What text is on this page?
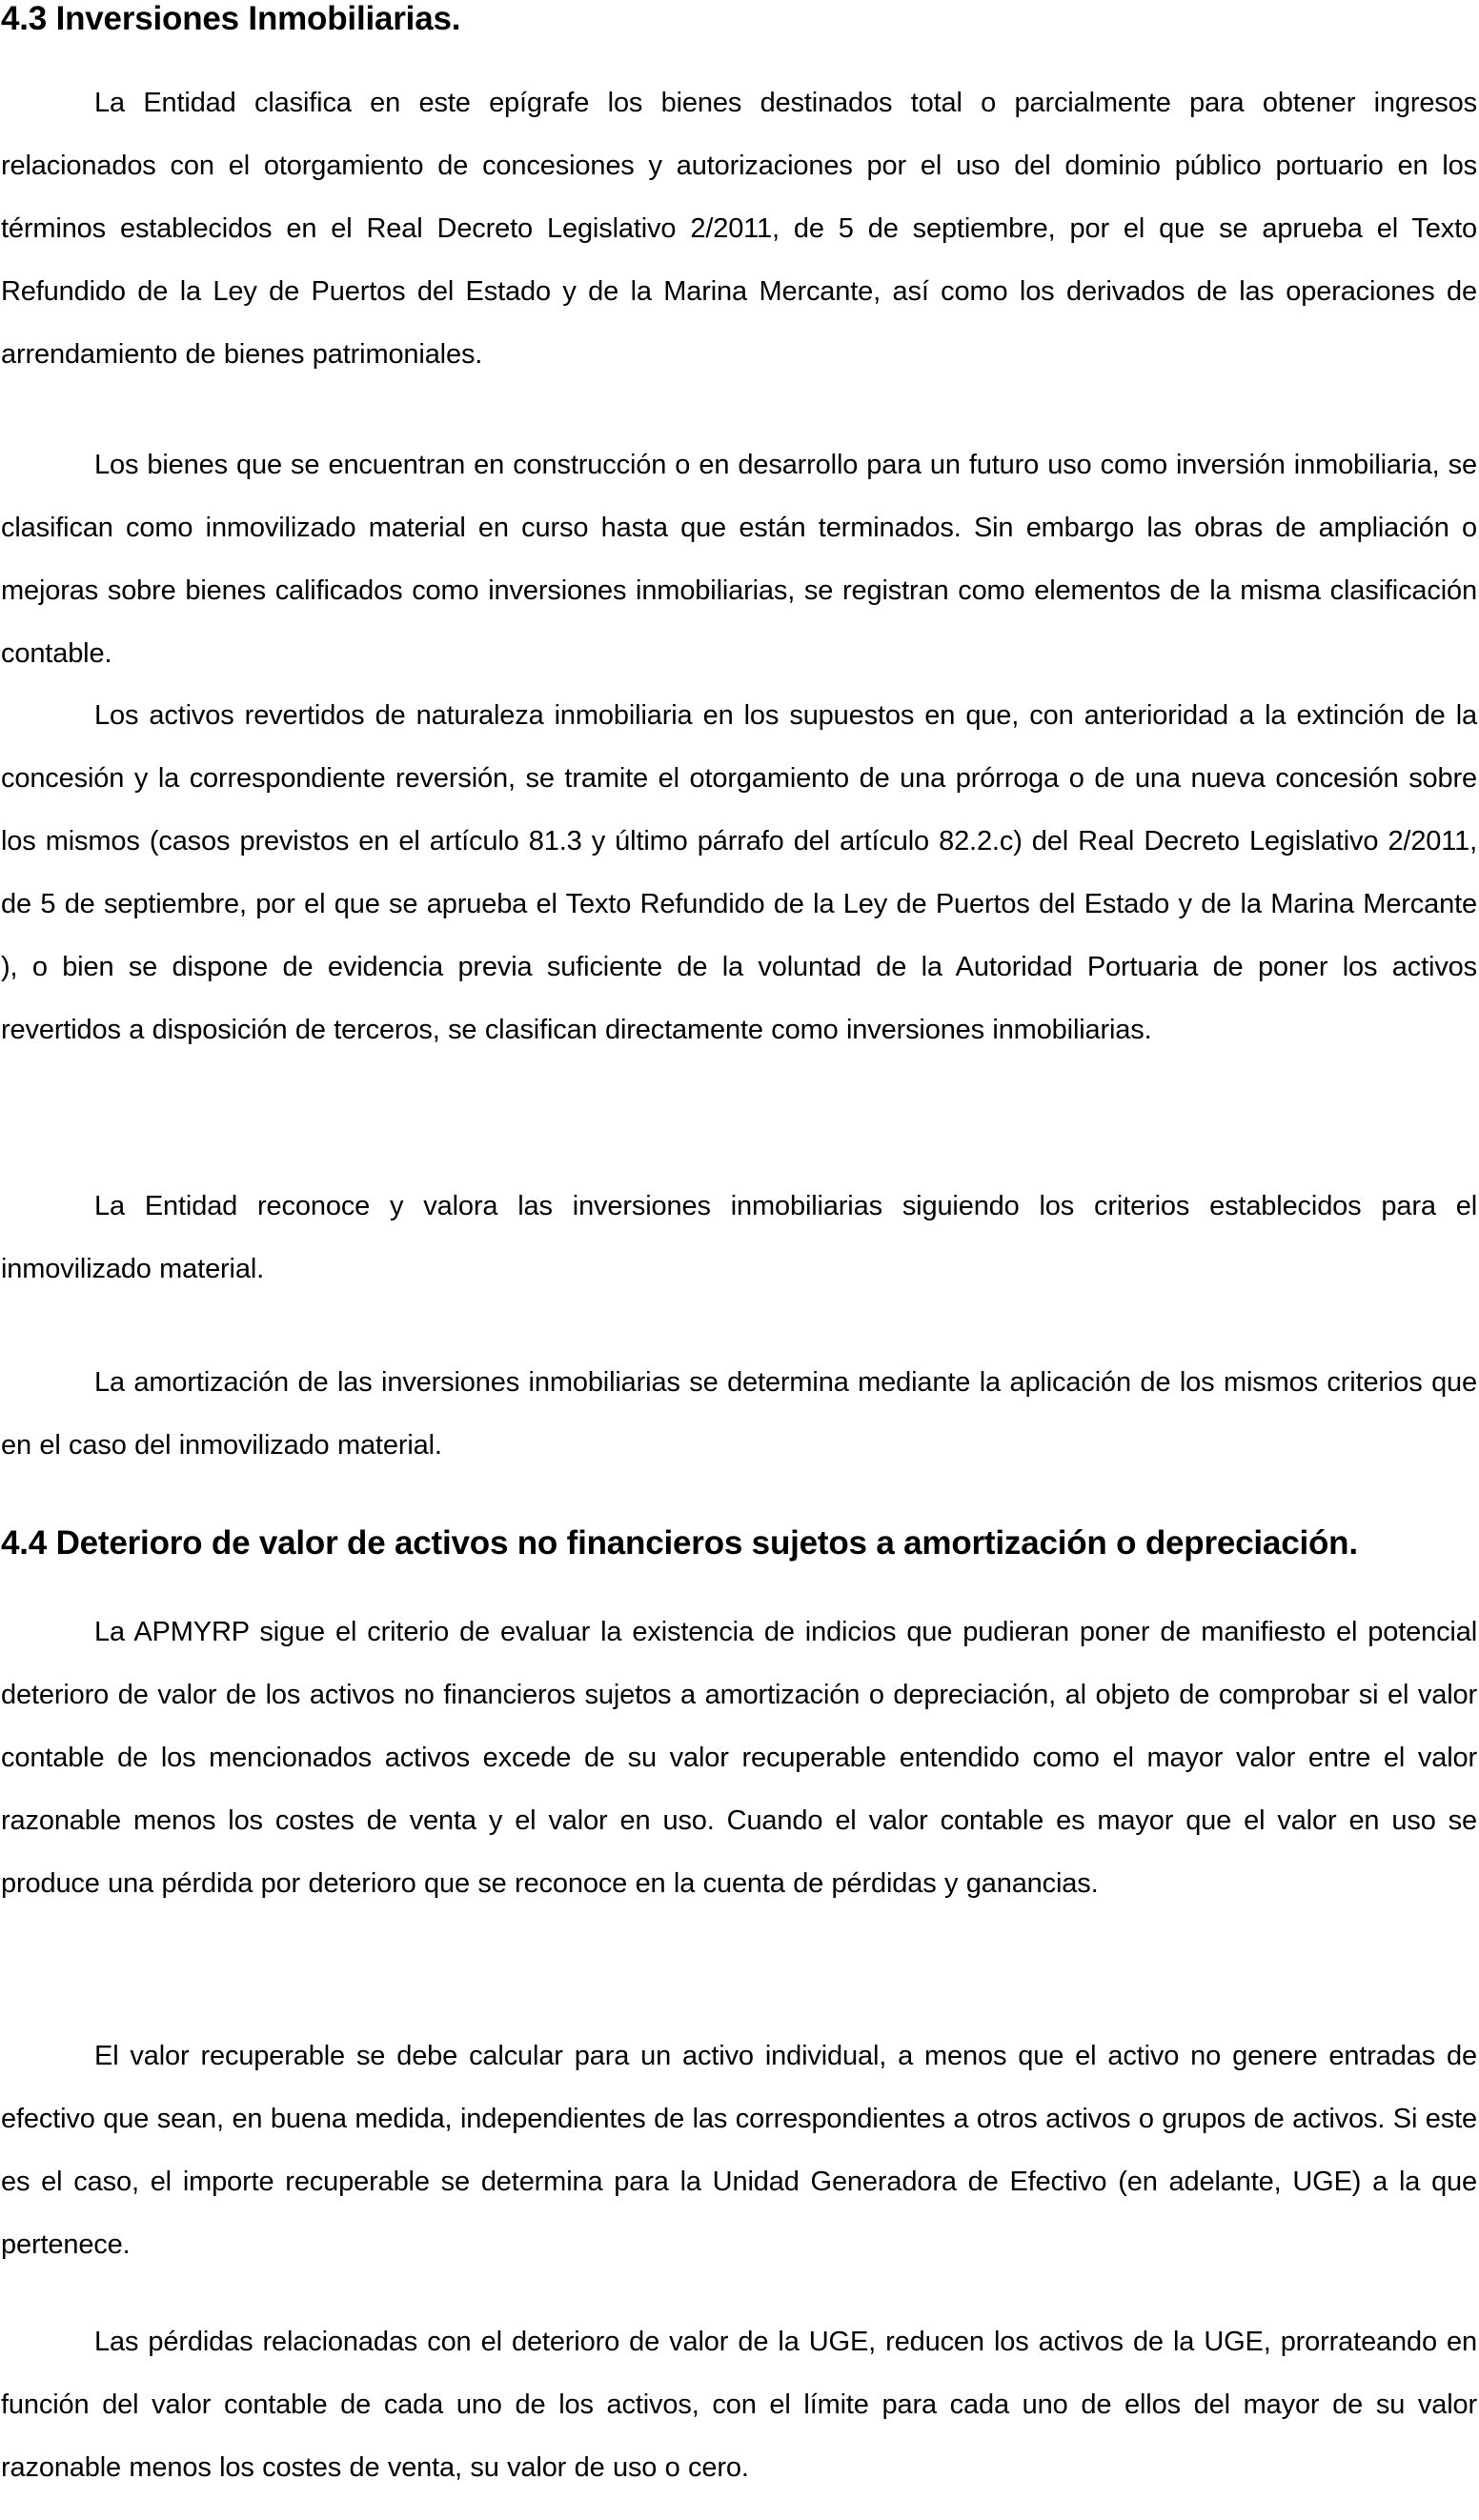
4.3 Inversiones Inmobiliarias.

La Entidad clasifica en este epígrafe los bienes destinados total o parcialmente para obtener ingresos relacionados con el otorgamiento de concesiones y autorizaciones por el uso del dominio público portuario en los términos establecidos en el Real Decreto Legislativo 2/2011, de 5 de septiembre, por el que se aprueba el Texto Refundido de la Ley de Puertos del Estado y de la Marina Mercante, así como los derivados de las operaciones de arrendamiento de bienes patrimoniales.

Los bienes que se encuentran en construcción o en desarrollo para un futuro uso como inversión inmobiliaria, se clasifican como inmovilizado material en curso hasta que están terminados. Sin embargo las obras de ampliación o mejoras sobre bienes calificados como inversiones inmobiliarias, se registran como elementos de la misma clasificación contable.

Los activos revertidos de naturaleza inmobiliaria en los supuestos en que, con anterioridad a la extinción de la concesión y la correspondiente reversión, se tramite el otorgamiento de una prórroga o de una nueva concesión sobre los mismos (casos previstos en el artículo 81.3 y último párrafo del artículo 82.2.c) del Real Decreto Legislativo 2/2011, de 5 de septiembre, por el que se aprueba el Texto Refundido de la Ley de Puertos del Estado y de la Marina Mercante ), o bien se dispone de evidencia previa suficiente de la voluntad de la Autoridad Portuaria de poner los activos revertidos a disposición de terceros, se clasifican directamente como inversiones inmobiliarias.

La Entidad reconoce y valora las inversiones inmobiliarias siguiendo los criterios establecidos para el inmovilizado material.

La amortización de las inversiones inmobiliarias se determina mediante la aplicación de los mismos criterios que en el caso del inmovilizado material.

4.4 Deterioro de valor de activos no financieros sujetos a amortización o depreciación.

La APMYRP sigue el criterio de evaluar la existencia de indicios que pudieran poner de manifiesto el potencial deterioro de valor de los activos no financieros sujetos a amortización o depreciación, al objeto de comprobar si el valor contable de los mencionados activos excede de su valor recuperable entendido como el mayor valor entre el valor razonable menos los costes de venta y el valor en uso. Cuando el valor contable es mayor que el valor en uso se produce una pérdida por deterioro que se reconoce en la cuenta de pérdidas y ganancias.

El valor recuperable se debe calcular para un activo individual, a menos que el activo no genere entradas de efectivo que sean, en buena medida, independientes de las correspondientes a otros activos o grupos de activos. Si este es el caso, el importe recuperable se determina para la Unidad Generadora de Efectivo (en adelante, UGE) a la que pertenece.

Las pérdidas relacionadas con el deterioro de valor de la UGE, reducen los activos de la UGE, prorrateando en función del valor contable de cada uno de los activos, con el límite para cada uno de ellos del mayor de su valor razonable menos los costes de venta, su valor de uso o cero.
